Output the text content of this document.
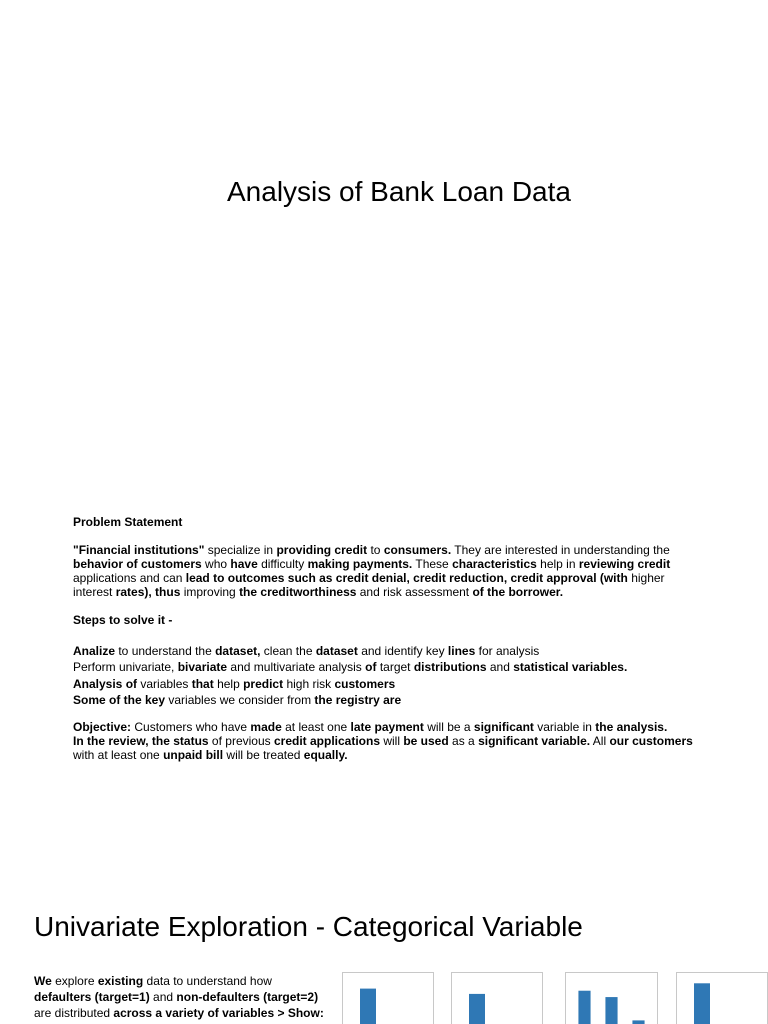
Analysis of Bank Loan Data
Problem Statement
"Financial institutions" specialize in providing credit to consumers. They are interested in understanding the behavior of customers who have difficulty making payments. These characteristics help in reviewing credit applications and can lead to outcomes such as credit denial, credit reduction, credit approval (with higher interest rates), thus improving the creditworthiness and risk assessment of the borrower.
Steps to solve it -
Analize to understand the dataset, clean the dataset and identify key lines for analysis
Perform univariate, bivariate and multivariate analysis of target distributions and statistical variables.
Analysis of variables that help predict high risk customers
Some of the key variables we consider from the registry are
Objective: Customers who have made at least one late payment will be a significant variable in the analysis.
In the review, the status of previous credit applications will be used as a significant variable. All our customers with at least one unpaid bill will be treated equally.
Univariate Exploration - Categorical Variable
We explore existing data to understand how defaulters (target=1) and non-defaulters (target=2) are distributed across a variety of variables > Show:
